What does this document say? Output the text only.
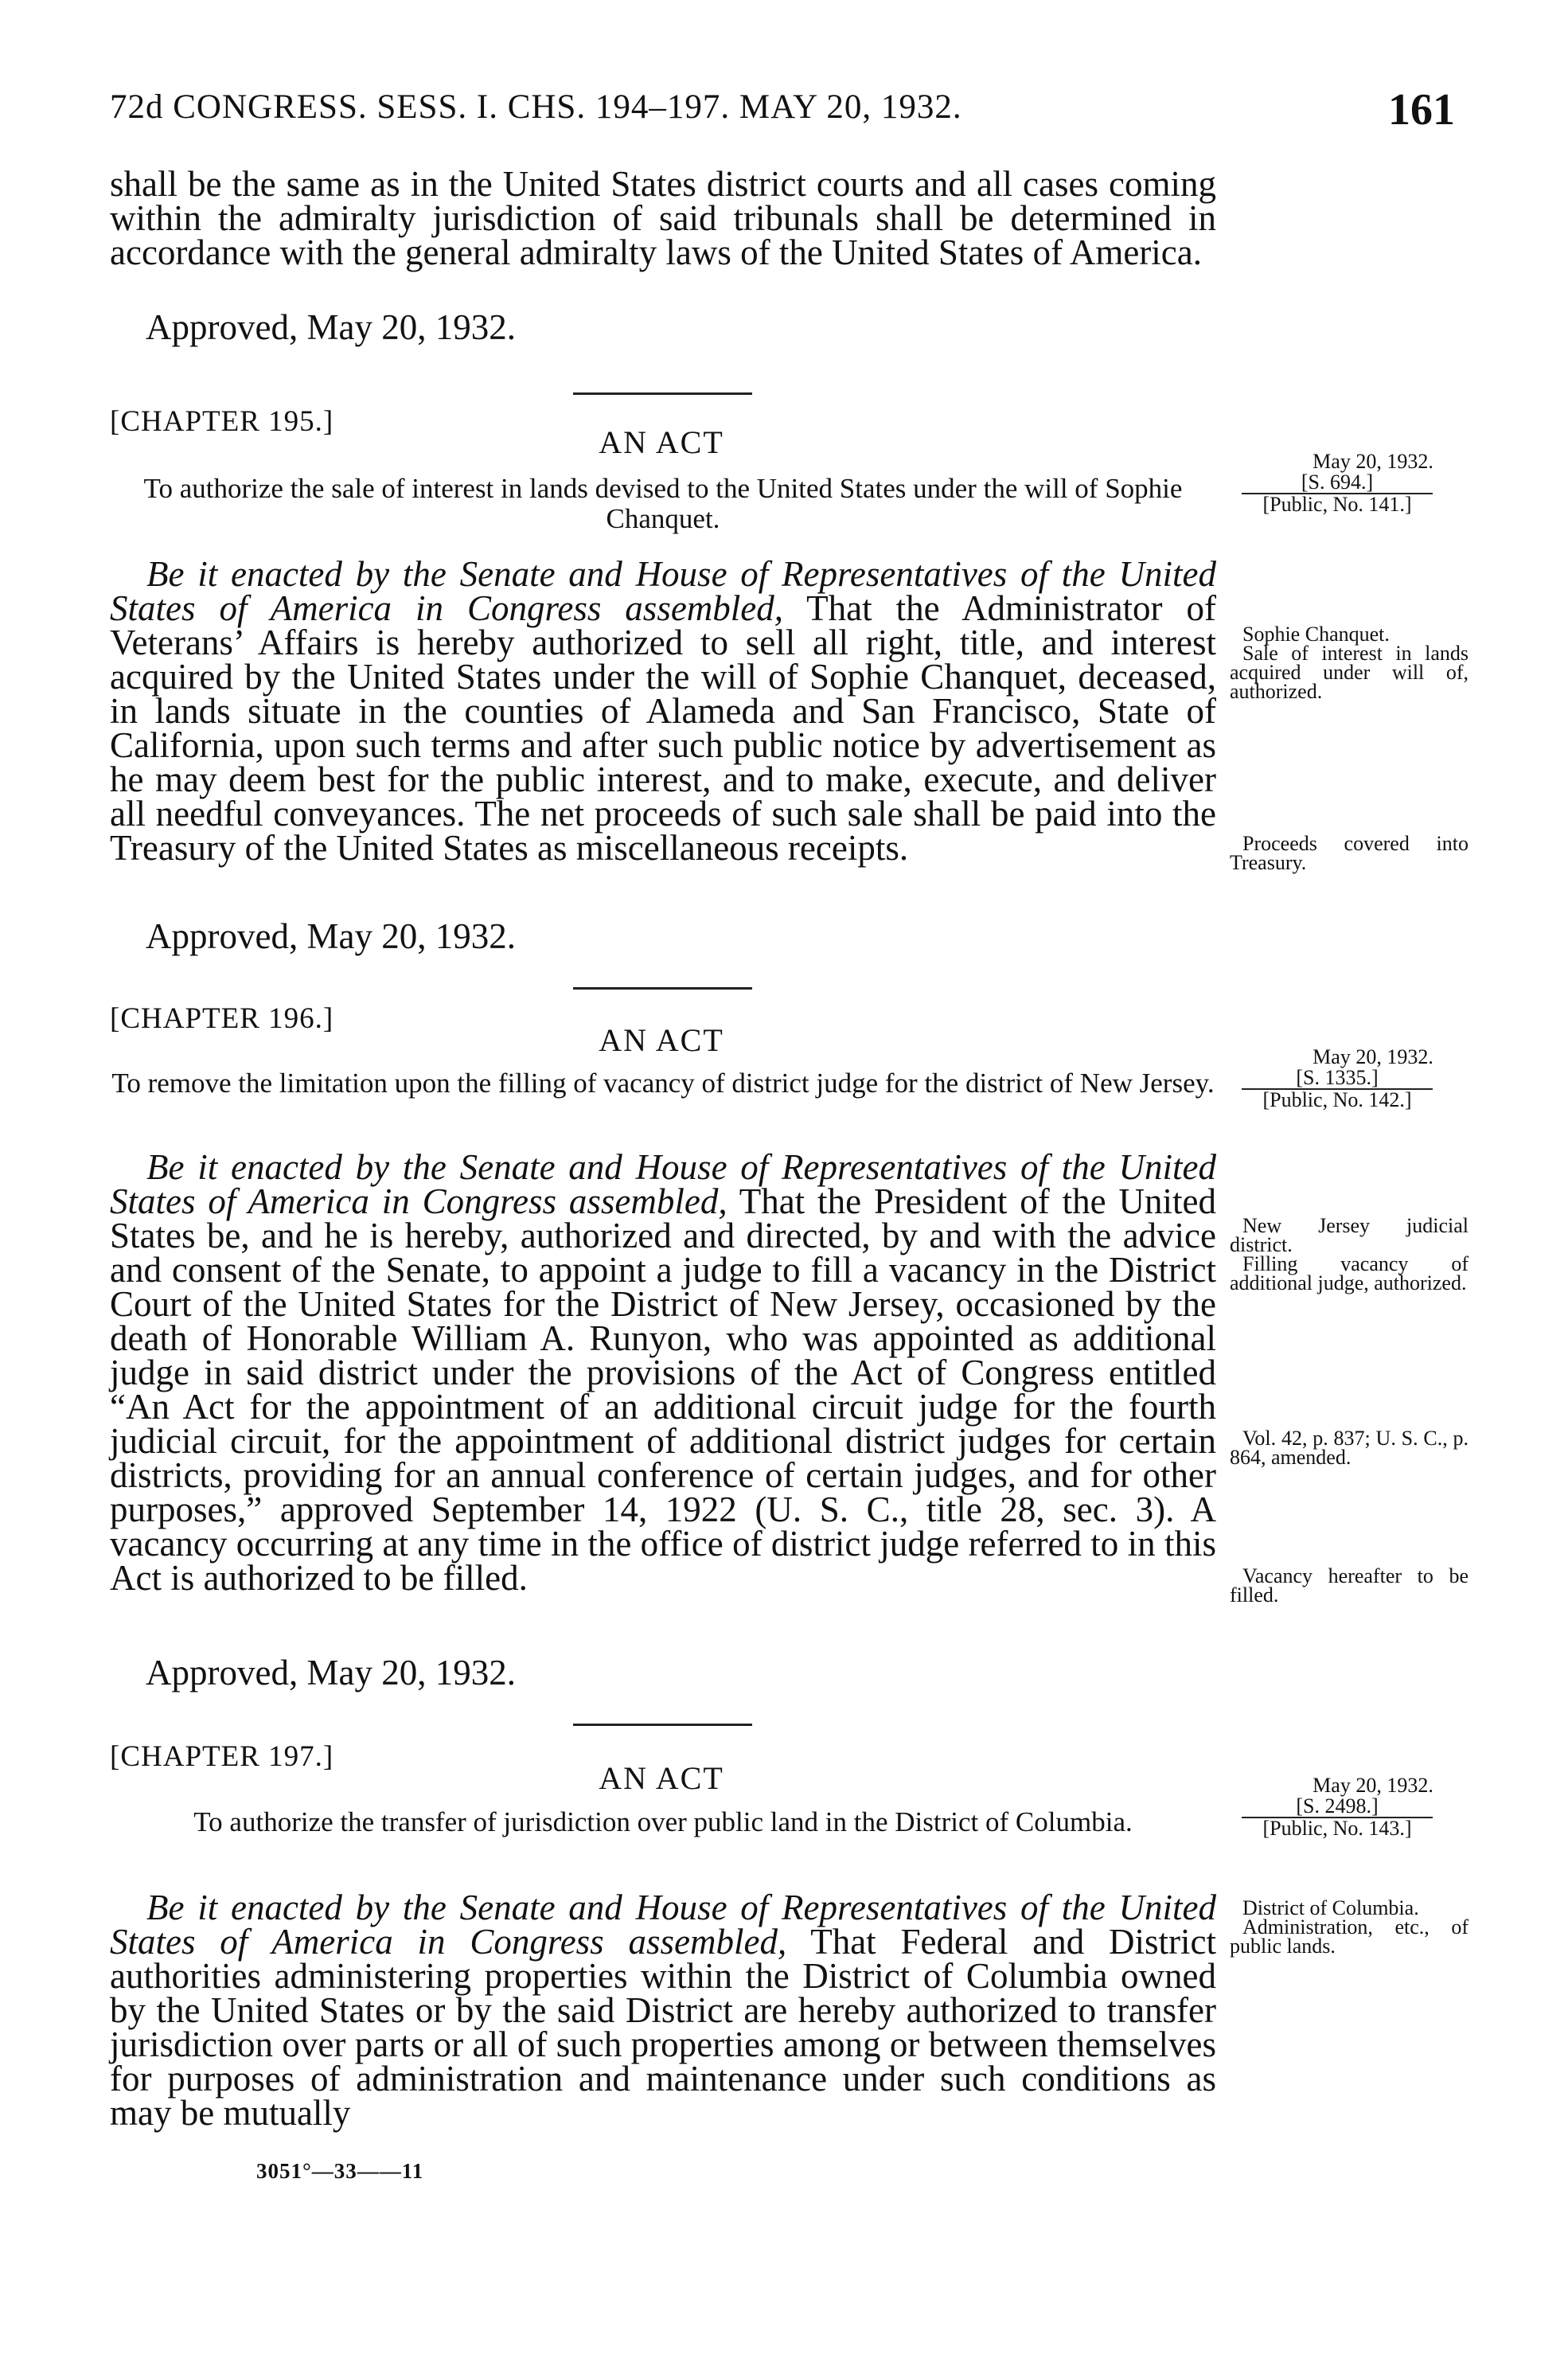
72d CONGRESS. SESS. I. CHS. 194–197. MAY 20, 1932.	161

shall be the same as in the United States district courts and all cases coming within the admiralty jurisdiction of said tribunals shall be determined in accordance with the general admiralty laws of the United States of America.

Approved, May 20, 1932.
[CHAPTER 195.]
AN ACT
To authorize the sale of interest in lands devised to the United States under the will of Sophie Chanquet.
May 20, 1932.
[S. 694.]
[Public, No. 141.]

Be it enacted by the Senate and House of Representatives of the United States of America in Congress assembled, That the Administrator of Veterans’ Affairs is hereby authorized to sell all right, title, and interest acquired by the United States under the will of Sophie Chanquet, deceased, in lands situate in the counties of Alameda and San Francisco, State of California, upon such terms and after such public notice by advertisement as he may deem best for the public interest, and to make, execute, and deliver all needful conveyances. The net proceeds of such sale shall be paid into the Treasury of the United States as miscellaneous receipts.

Approved, May 20, 1932.

Sophie Chanquet.

Sale of interest in lands acquired under will of, authorized.

Proceeds covered into Treasury.

[CHAPTER 196.]
AN ACT
To remove the limitation upon the filling of vacancy of district judge for the district of New Jersey.
May 20, 1932.
[S. 1335.]
[Public, No. 142.]

Be it enacted by the Senate and House of Representatives of the United States of America in Congress assembled, That the President of the United States be, and he is hereby, authorized and directed, by and with the advice and consent of the Senate, to appoint a judge to fill a vacancy in the District Court of the United States for the District of New Jersey, occasioned by the death of Honorable William A. Runyon, who was appointed as additional judge in said district under the provisions of the Act of Congress entitled “An Act for the appointment of an additional circuit judge for the fourth judicial circuit, for the appointment of additional district judges for certain districts, providing for an annual conference of certain judges, and for other purposes,” approved September 14, 1922 (U. S. C., title 28, sec. 3). A vacancy occurring at any time in the office of district judge referred to in this Act is authorized to be filled.

Approved, May 20, 1932.

New Jersey judicial district.

Filling vacancy of additional judge, authorized.

Vol. 42, p. 837; U. S. C., p. 864, amended.

Vacancy hereafter to be filled.

[CHAPTER 197.]
AN ACT
To authorize the transfer of jurisdiction over public land in the District of Columbia.
May 20, 1932.
[S. 2498.]
[Public, No. 143.]

Be it enacted by the Senate and House of Representatives of the United States of America in Congress assembled, That Federal and District authorities administering properties within the District of Columbia owned by the United States or by the said District are hereby authorized to transfer jurisdiction over parts or all of such properties among or between themselves for purposes of administration and maintenance under such conditions as may be mutually

District of Columbia.

Administration, etc., of public lands.

3051°—33——11
